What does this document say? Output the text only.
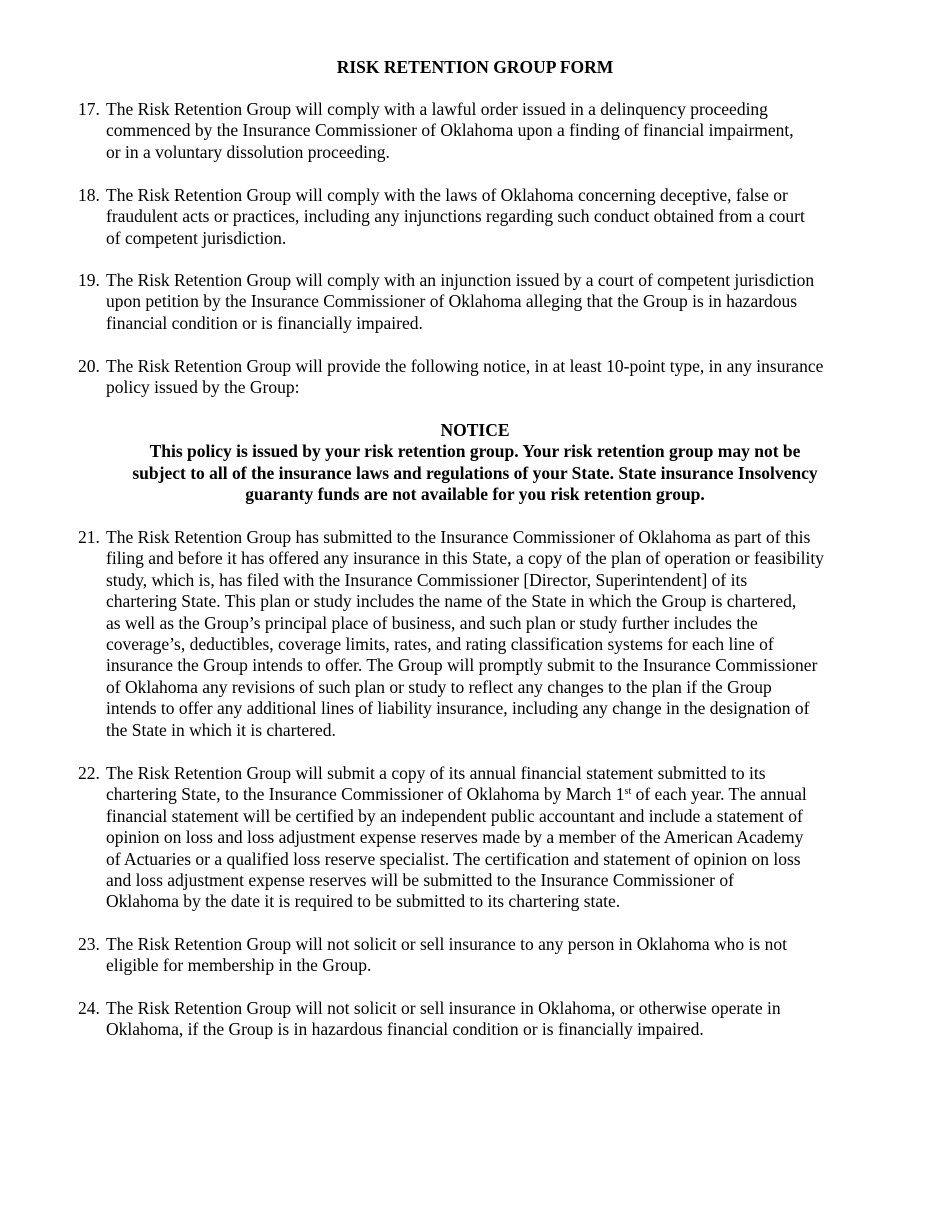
RISK RETENTION GROUP FORM
17. The Risk Retention Group will comply with a lawful order issued in a delinquency proceeding
commenced by the Insurance Commissioner of Oklahoma upon a finding of financial impairment,
or in a voluntary dissolution proceeding.
18. The Risk Retention Group will comply with the laws of Oklahoma concerning deceptive, false or
fraudulent acts or practices, including any injunctions regarding such conduct obtained from a court
of competent jurisdiction.
19. The Risk Retention Group will comply with an injunction issued by a court of competent jurisdiction
upon petition by the Insurance Commissioner of Oklahoma alleging that the Group is in hazardous
financial condition or is financially impaired.
20. The Risk Retention Group will provide the following notice, in at least 10-point type, in any insurance
policy issued by the Group:
NOTICE
This policy is issued by your risk retention group. Your risk retention group may not be
subject to all of the insurance laws and regulations of your State. State insurance Insolvency
guaranty funds are not available for you risk retention group.
21. The Risk Retention Group has submitted to the Insurance Commissioner of Oklahoma as part of this
filing and before it has offered any insurance in this State, a copy of the plan of operation or feasibility
study, which is, has filed with the Insurance Commissioner [Director, Superintendent] of its
chartering State. This plan or study includes the name of the State in which the Group is chartered,
as well as the Group’s principal place of business, and such plan or study further includes the
coverage’s, deductibles, coverage limits, rates, and rating classification systems for each line of
insurance the Group intends to offer. The Group will promptly submit to the Insurance Commissioner
of Oklahoma any revisions of such plan or study to reflect any changes to the plan if the Group
intends to offer any additional lines of liability insurance, including any change in the designation of
the State in which it is chartered.
22. The Risk Retention Group will submit a copy of its annual financial statement submitted to its
chartering State, to the Insurance Commissioner of Oklahoma by March 1st of each year. The annual
financial statement will be certified by an independent public accountant and include a statement of
opinion on loss and loss adjustment expense reserves made by a member of the American Academy
of Actuaries or a qualified loss reserve specialist. The certification and statement of opinion on loss
and loss adjustment expense reserves will be submitted to the Insurance Commissioner of
Oklahoma by the date it is required to be submitted to its chartering state.
23. The Risk Retention Group will not solicit or sell insurance to any person in Oklahoma who is not
eligible for membership in the Group.
24. The Risk Retention Group will not solicit or sell insurance in Oklahoma, or otherwise operate in
Oklahoma, if the Group is in hazardous financial condition or is financially impaired.
